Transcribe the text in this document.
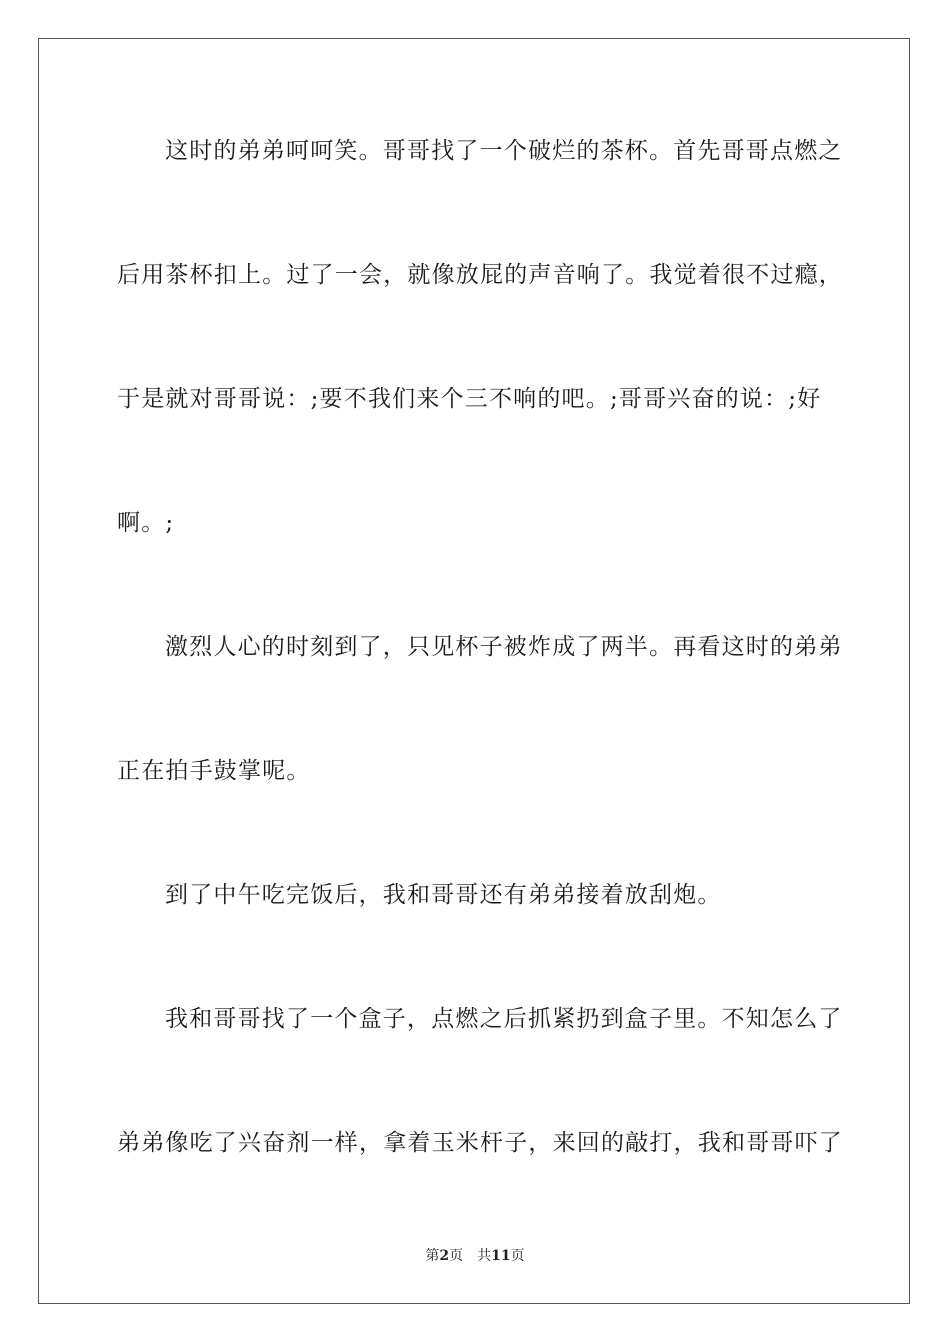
这时的弟弟呵呵笑。哥哥找了一个破烂的茶杯。首先哥哥点燃之
后用茶杯扣上。过了一会，就像放屁的声音响了。我觉着很不过瘾，
于是就对哥哥说：;要不我们来个三不响的吧。;哥哥兴奋的说：;好
啊。;
激烈人心的时刻到了，只见杯子被炸成了两半。再看这时的弟弟
正在拍手鼓掌呢。
到了中午吃完饭后，我和哥哥还有弟弟接着放刮炮。
我和哥哥找了一个盒子，点燃之后抓紧扔到盒子里。不知怎么了
弟弟像吃了兴奋剂一样，拿着玉米杆子，来回的敲打，我和哥哥吓了
第2页 共11页
